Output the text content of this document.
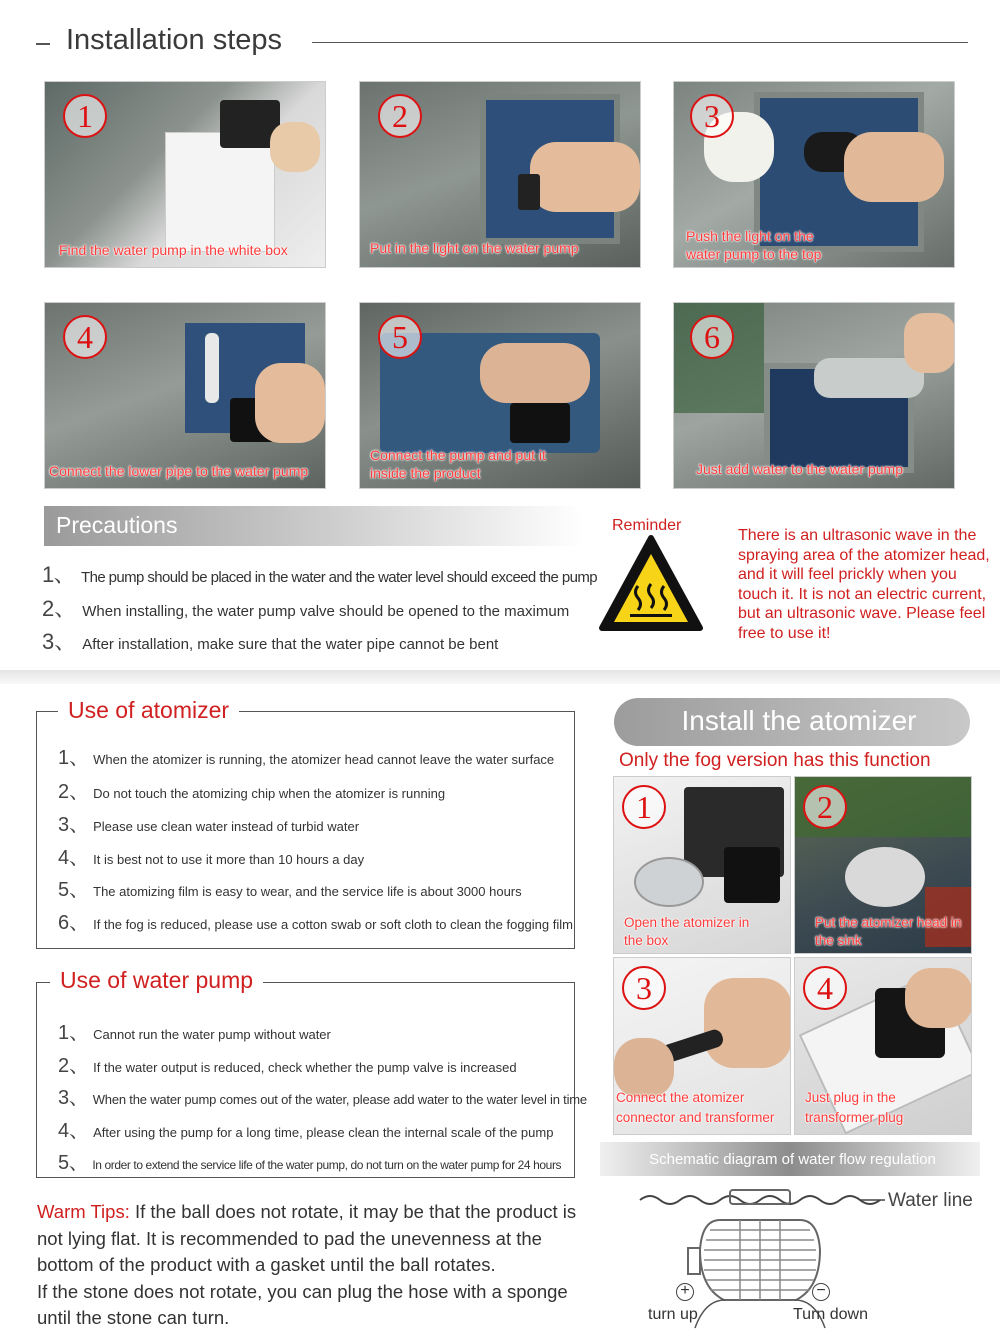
Installation steps
1
Find the water pump in the white box
2
Put in the light on the water pump
3
Push the light on the water pump to the top
4
Connect the lower pipe to the water pump
5
Connect the pump and put it inside the product
6
Just add water to the water pump
Precautions
1、 The pump should be placed in the water and the water level should exceed the pump
2、 When installing, the water pump valve should be opened to the maximum
3、 After installation, make sure that the water pipe cannot be bent
Reminder
There is an ultrasonic wave in the spraying area of the atomizer head, and it will feel prickly when you touch it. It is not an electric current, but an ultrasonic wave. Please feel free to use it!
Use of atomizer
1、 When the atomizer is running, the atomizer head cannot leave the water surface
2、 Do not touch the atomizing chip when the atomizer is running
3、 Please use clean water instead of turbid water
4、 It is best not to use it more than 10 hours a day
5、 The atomizing film is easy to wear, and the service life is about 3000 hours
6、 If the fog is reduced, please use a cotton swab or soft cloth to clean the fogging film
Use of water pump
1、 Cannot run the water pump without water
2、 If the water output is reduced, check whether the pump valve is increased
3、 When the water pump comes out of the water, please add water to the water level in time
4、 After using the pump for a long time, please clean the internal scale of the pump
5、 In order to extend the service life of the water pump, do not turn on the water pump for 24 hours
Warm Tips: If the ball does not rotate, it may be that the product is not lying flat. It is recommended to pad the unevenness at the bottom of the product with a gasket until the ball rotates.
If the stone does not rotate, you can plug the hose with a sponge until the stone can turn.
Install the atomizer
Only the fog version has this function
1
Open the atomizer in the box
2
Put the atomizer head in the sink
3
Connect the atomizer connector and transformer
4
Just plug in the transformer plug
Schematic diagram of water flow regulation
Water line
+	−
turn up	Turn down
